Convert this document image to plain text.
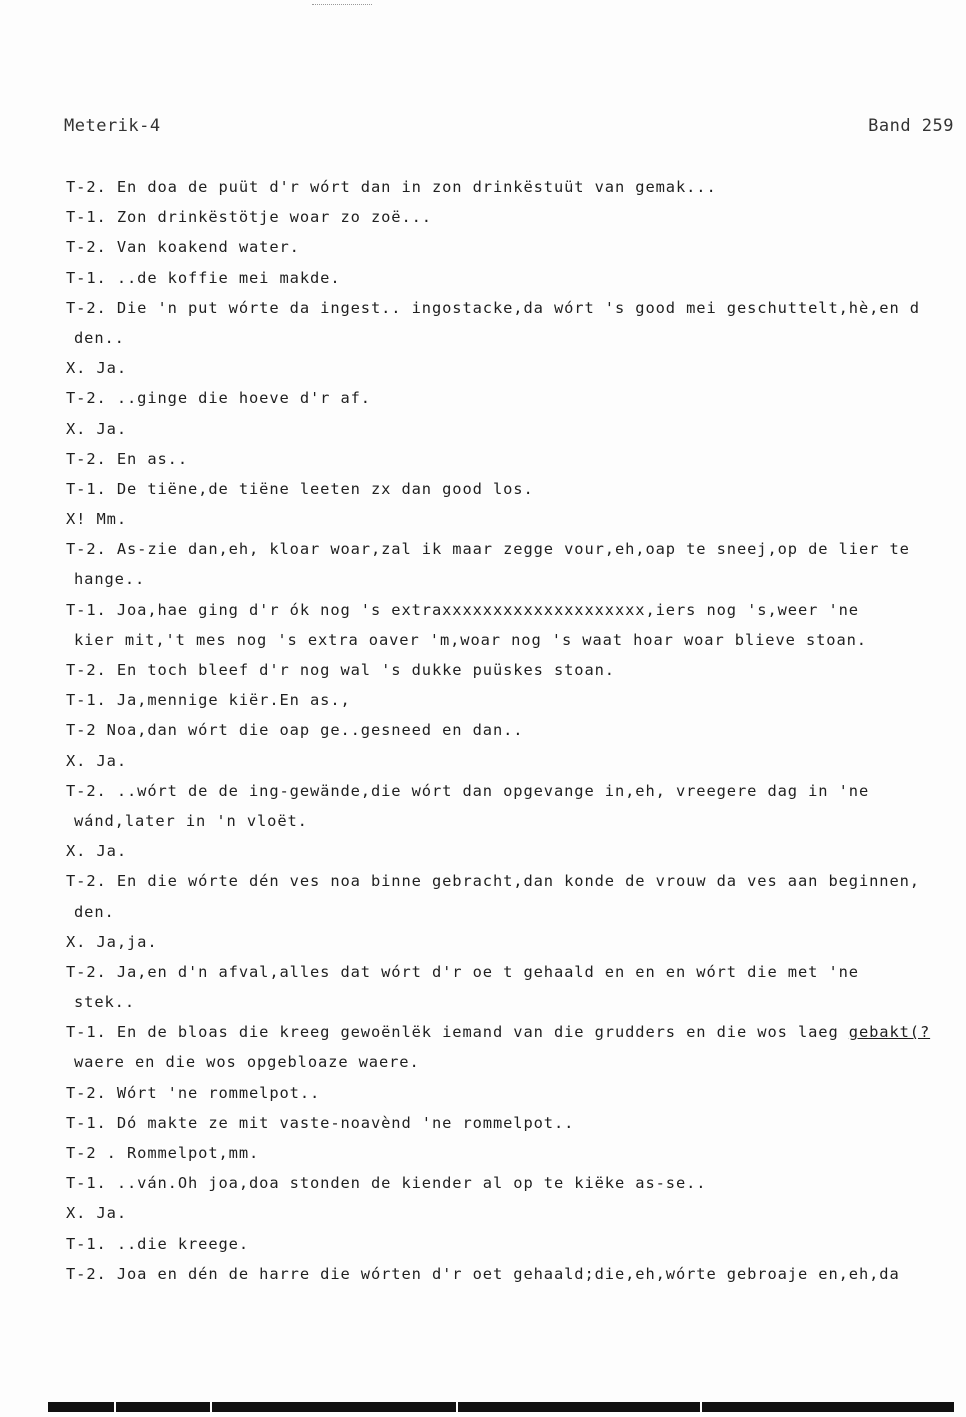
Meterik-4	Band 259
T-2. En doa de puüt d'r wórt dan in zon drinkëstuüt van gemak...
T-1. Zon drinkëstötje woar zo zoë...
T-2. Van koakend water.
T-1. ..de koffie mei makde.
T-2. Die 'n put wórte da ingest.. ingostacke,da wórt 's good mei geschuttelt,hè,en d
den..
X. Ja.
T-2. ..ginge die hoeve d'r af.
X. Ja.
T-2. En as..
T-1. De tiëne,de tiëne leeten zx dan good los.
X! Mm.
T-2. As-zie dan,eh, kloar woar,zal ik maar zegge vour,eh,oap te sneej,op de lier te
hange..
T-1. Joa,hae ging d'r ók nog 's extraxxxxxxxxxxxxxxxxxxxx,iers nog 's,weer 'ne
kier mit,'t mes nog 's extra oaver 'm,woar nog 's waat hoar woar blieve stoan.
T-2. En toch bleef d'r nog wal 's dukke puüskes stoan.
T-1. Ja,mennige kiër.En as.,
T-2 Noa,dan wórt die oap ge..gesneed en dan..
X. Ja.
T-2. ..wórt de de ing-gewände,die wórt dan opgevange in,eh, vreegere dag in 'ne
wánd,later in 'n vloët.
X. Ja.
T-2. En die wórte dén ves noa binne gebracht,dan konde de vrouw da ves aan beginnen,
den.
X. Ja,ja.
T-2. Ja,en d'n afval,alles dat wórt d'r oe t gehaald en en en wórt die met 'ne
stek..
T-1. En de bloas die kreeg gewoënlëk iemand van die grudders en die wos laeg gebakt(?
waere en die wos opgebloaze waere.
T-2. Wórt 'ne rommelpot..
T-1. Dó makte ze mit vaste-noavènd 'ne rommelpot..
T-2 . Rommelpot,mm.
T-1. ..ván.Oh joa,doa stonden de kiender al op te kiëke as-se..
X. Ja.
T-1. ..die kreege.
T-2. Joa en dén de harre die wórten d'r oet gehaald;die,eh,wórte gebroaje en,eh,da
